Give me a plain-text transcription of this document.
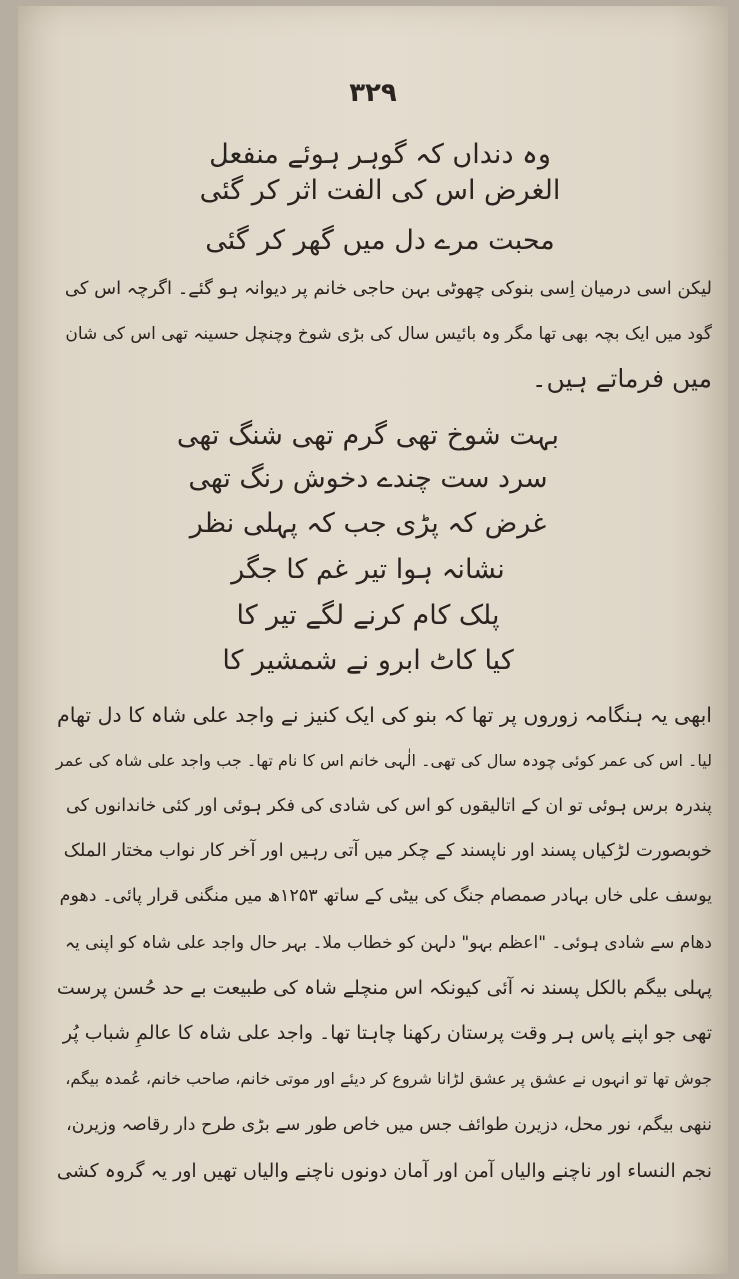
۳۲۹
وہ دنداں کہ گوہر ہوئے منفعل
الغرض اس کی الفت اثر کر گئی
محبت مرے دل میں گھر کر گئی
لیکن اسی درمیان اِسی بنوکی چھوٹی بہن حاجی خانم پر دیوانہ ہو گئے۔ اگرچہ اس کی
گود میں ایک بچہ بھی تھا مگر وہ بائیس سال کی بڑی شوخ وچنچل حسینہ تھی اس کی شان
میں فرماتے ہیں۔
بہت شوخ تھی گرم تھی شنگ تھی
سرد ست چندے دخوش رنگ تھی
غرض کہ پڑی جب کہ پہلی نظر
نشانہ ہوا تیر غم کا جگر
پلک کام کرنے لگے تیر کا
کیا کاٹ ابرو نے شمشیر کا
ابھی یہ ہنگامہ زوروں پر تھا کہ بنو کی ایک کنیز نے واجد علی شاہ کا دل تھام
لیا۔ اس کی عمر کوئی چودہ سال کی تھی۔ الٰہی خانم اس کا نام تھا۔ جب واجد علی شاہ کی عمر
پندرہ برس ہوئی تو ان کے اتالیقوں کو اس کی شادی کی فکر ہوئی اور کئی خاندانوں کی
خوبصورت لڑکیاں پسند اور ناپسند کے چکر میں آتی رہیں اور آخر کار نواب مختار الملک
یوسف علی خاں بہادر صمصام جنگ کی بیٹی کے ساتھ ۱۲۵۳ھ میں منگنی قرار پائی۔ دھوم
دھام سے شادی ہوئی۔ "اعظم بہو" دلہن کو خطاب ملا۔ بہر حال واجد علی شاہ کو اپنی یہ
پہلی بیگم بالکل پسند نہ آئی کیونکہ اس منچلے شاہ کی طبیعت بے حد حُسن پرست
تھی جو اپنے پاس ہر وقت پرستان رکھنا چاہتا تھا۔ واجد علی شاہ کا عالمِ شباب پُر
جوش تھا تو انہوں نے عشق پر عشق لڑانا شروع کر دیئے اور موتی خانم، صاحب خانم، عُمدہ بیگم،
ننھی بیگم، نور محل، دزیرن طوائف جس میں خاص طور سے بڑی طرح دار رقاصہ وزیرن،
نجم النساء اور ناچنے والیاں آمن اور آمان دونوں ناچنے والیاں تھیں اور یہ گروہ کشی
